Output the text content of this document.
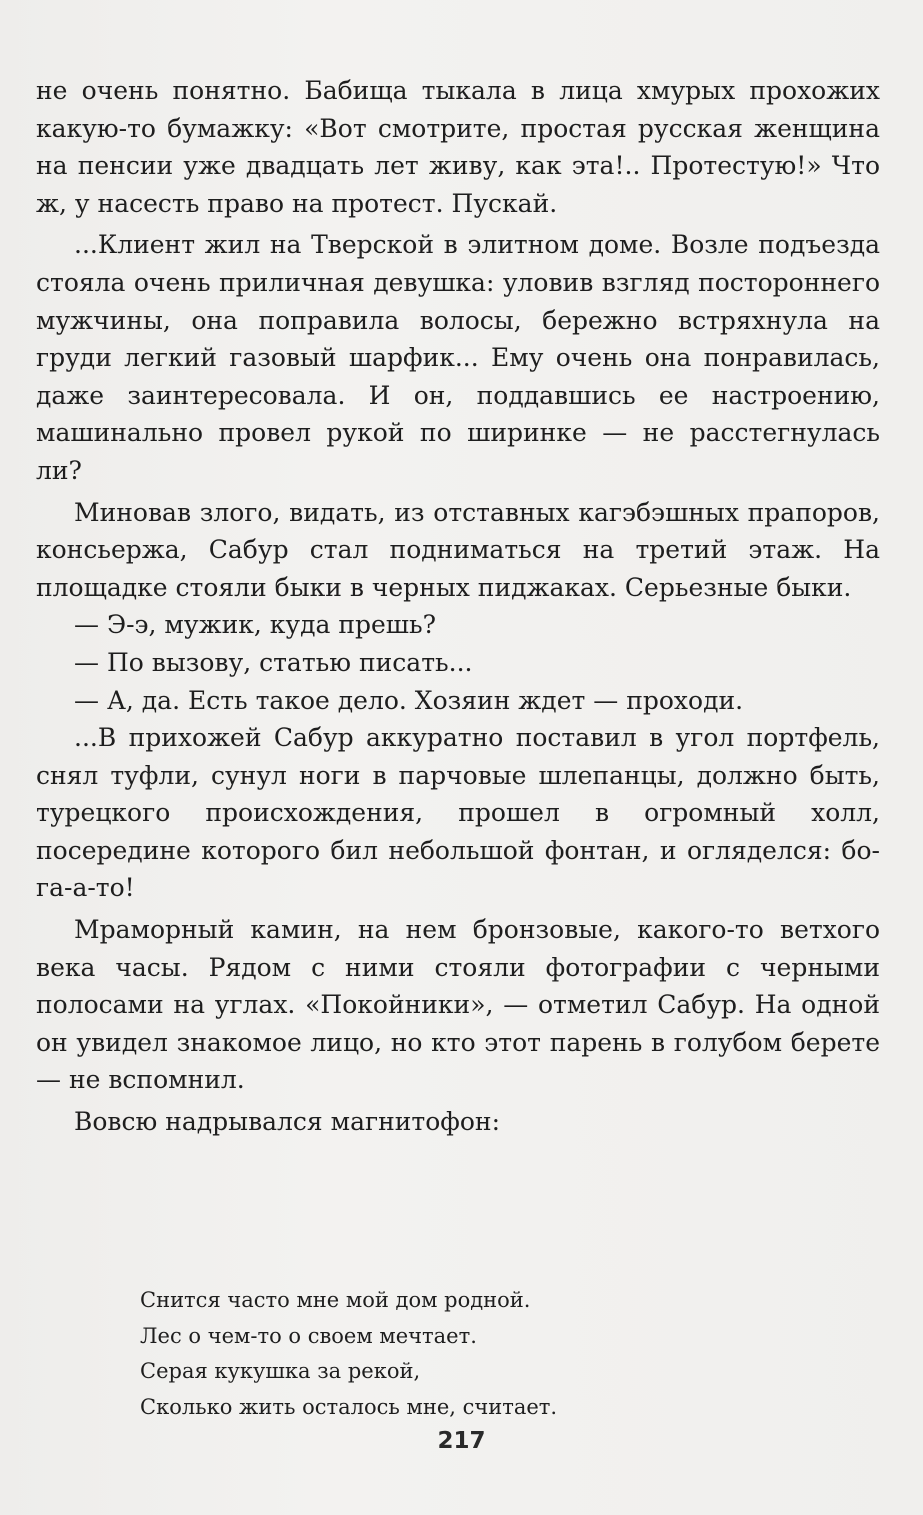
не очень понятно. Бабища тыкала в лица хмурых прохожих какую-то бумажку: «Вот смотрите, простая русская женщина на пенсии уже двадцать лет живу, как эта!.. Протестую!» Что ж, у насесть право на протест. Пускай.

...Клиент жил на Тверской в элитном доме. Возле подъезда стояла очень приличная девушка: уловив взгляд постороннего мужчины, она поправила волосы, бережно встряхнула на груди легкий газовый шарфик... Ему очень она понравилась, даже заинтересовала. И он, поддавшись ее настроению, машинально провел рукой по ширинке — не расстегнулась ли?

Миновав злого, видать, из отставных кагэбэшных прапоров, консьержа, Сабур стал подниматься на третий этаж. На площадке стояли быки в черных пиджаках. Серьезные быки.

— Э-э, мужик, куда прешь?

— По вызову, статью писать...

— А, да. Есть такое дело. Хозяин ждет — проходи.

...В прихожей Сабур аккуратно поставил в угол портфель, снял туфли, сунул ноги в парчовые шлепанцы, должно быть, турецкого происхождения, прошел в огромный холл, посередине которого бил небольшой фонтан, и огляделся: бо-га-а-то!

Мраморный камин, на нем бронзовые, какого-то ветхого века часы. Рядом с ними стояли фотографии с черными полосами на углах. «Покойники», — отметил Сабур. На одной он увидел знакомое лицо, но кто этот парень в голубом берете — не вспомнил.

Вовсю надрывался магнитофон:

Снится часто мне мой дом родной.
Лес о чем-то о своем мечтает.
Серая кукушка за рекой,
Сколько жить осталось мне, считает.
217
